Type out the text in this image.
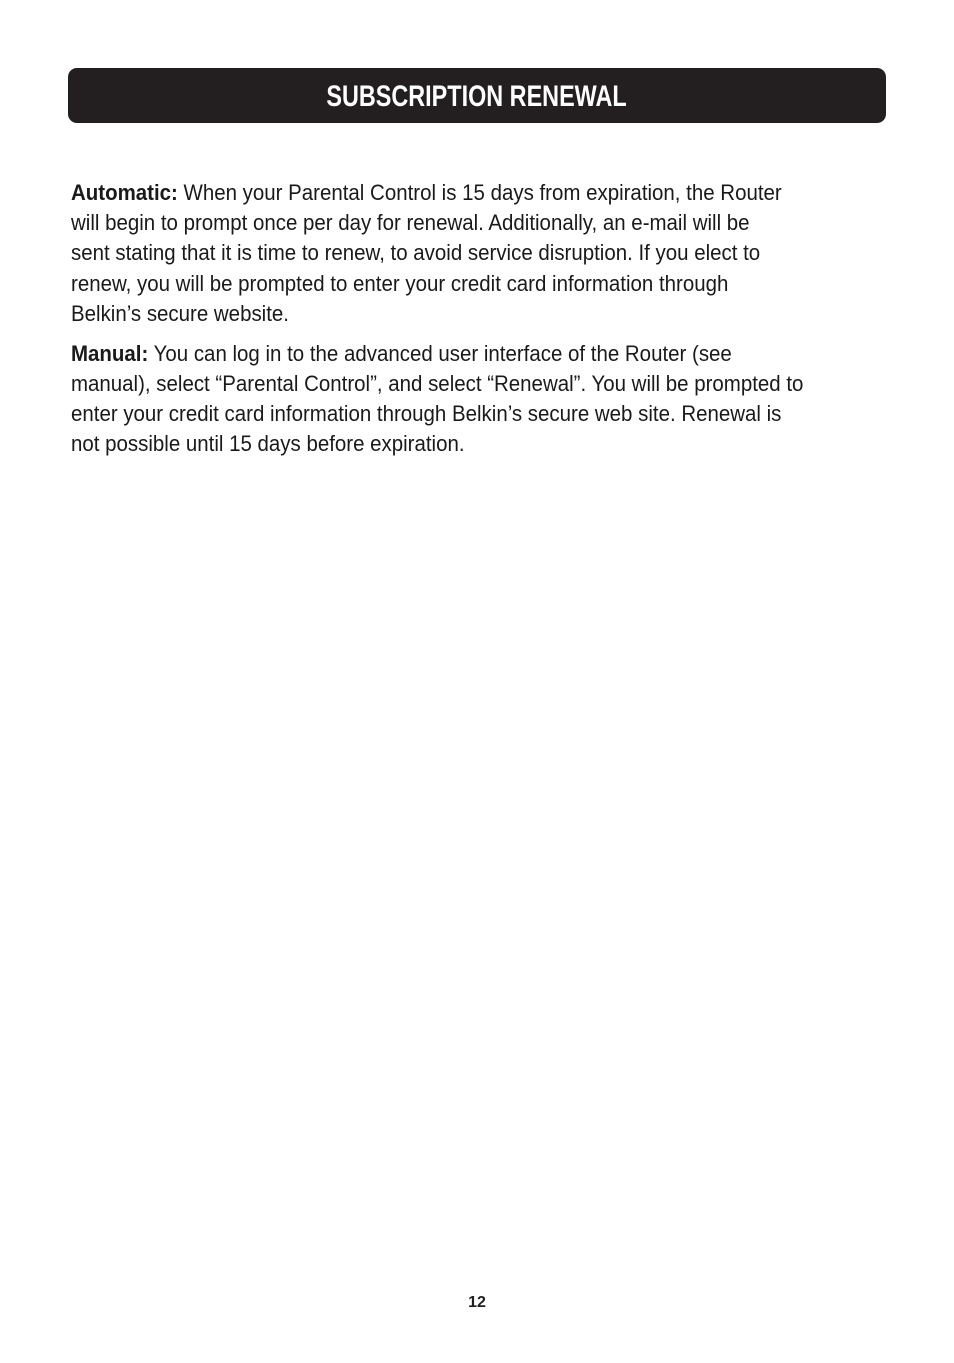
SUBSCRIPTION RENEWAL

Automatic: When your Parental Control is 15 days from expiration, the Router
will begin to prompt once per day for renewal. Additionally, an e-mail will be
sent stating that it is time to renew, to avoid service disruption. If you elect to
renew, you will be prompted to enter your credit card information through
Belkin’s secure website.

Manual: You can log in to the advanced user interface of the Router (see
manual), select “Parental Control”, and select “Renewal”. You will be prompted to
enter your credit card information through Belkin’s secure web site. Renewal is
not possible until 15 days before expiration.

12
